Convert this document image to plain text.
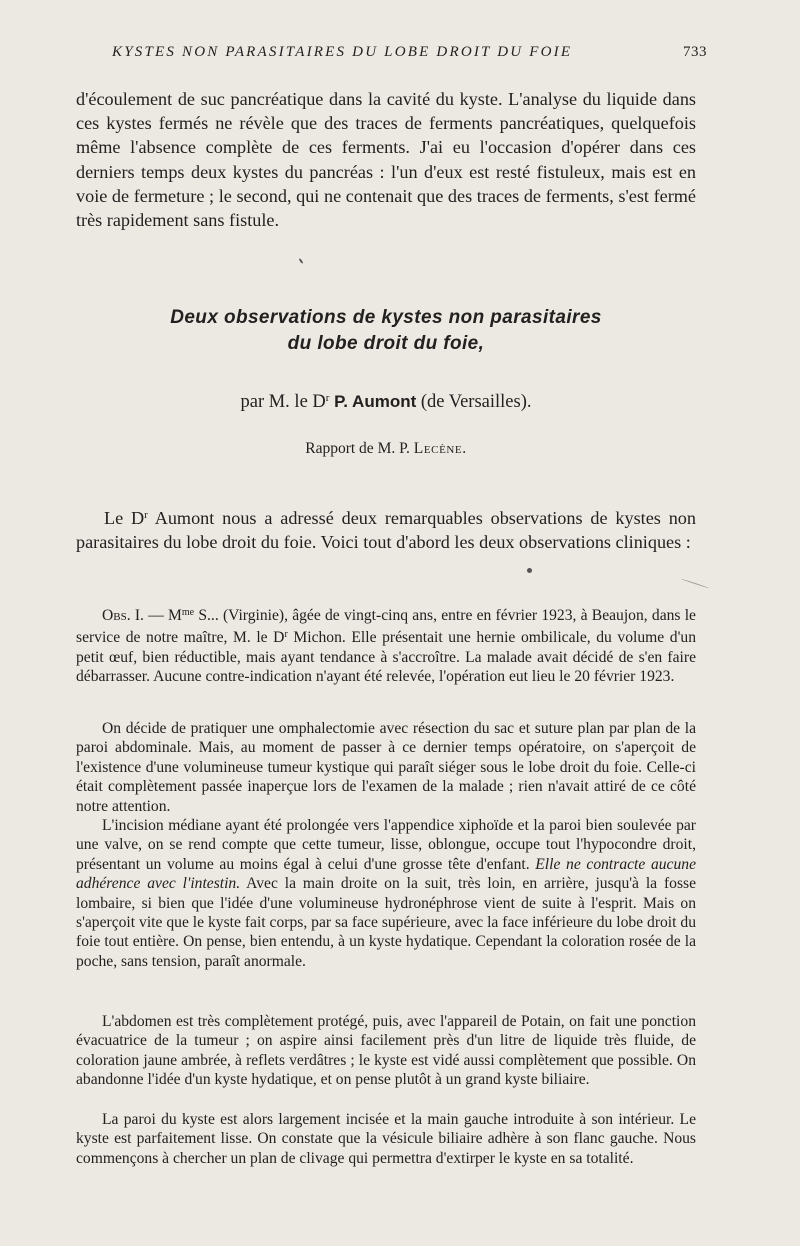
KYSTES NON PARASITAIRES DU LOBE DROIT DU FOIE	733

d'écoulement de suc pancréatique dans la cavité du kyste. L'analyse du liquide dans ces kystes fermés ne révèle que des traces de ferments pancréatiques, quelquefois même l'absence complète de ces ferments. J'ai eu l'occasion d'opérer dans ces derniers temps deux kystes du pancréas : l'un d'eux est resté fistuleux, mais est en voie de fermeture ; le second, qui ne contenait que des traces de ferments, s'est fermé très rapidement sans fistule.

Deux observations de kystes non parasitaires
du lobe droit du foie,

par M. le $D^r$ P. Aumont (de Versailles).

Rapport de M. P. Lecène.

Le $D^r$ Aumont nous a adressé deux remarquables observations de kystes non parasitaires du lobe droit du foie. Voici tout d'abord les deux observations cliniques :

Obs. I. — $M^{me}$ S... (Virginie), âgée de vingt-cinq ans, entre en février 1923, à Beaujon, dans le service de notre maître, M. le $D^r$ Michon. Elle présentait une hernie ombilicale, du volume d'un petit œuf, bien réductible, mais ayant tendance à s'accroître. La malade avait décidé de s'en faire débarrasser. Aucune contre-indication n'ayant été relevée, l'opération eut lieu le 20 février 1923.

On décide de pratiquer une omphalectomie avec résection du sac et suture plan par plan de la paroi abdominale. Mais, au moment de passer à ce dernier temps opératoire, on s'aperçoit de l'existence d'une volumineuse tumeur kystique qui paraît siéger sous le lobe droit du foie. Celle-ci était complètement passée inaperçue lors de l'examen de la malade ; rien n'avait attiré de ce côté notre attention.

L'incision médiane ayant été prolongée vers l'appendice xiphoïde et la paroi bien soulevée par une valve, on se rend compte que cette tumeur, lisse, oblongue, occupe tout l'hypocondre droit, présentant un volume au moins égal à celui d'une grosse tête d'enfant. Elle ne contracte aucune adhérence avec l'intestin. Avec la main droite on la suit, très loin, en arrière, jusqu'à la fosse lombaire, si bien que l'idée d'une volumineuse hydronéphrose vient de suite à l'esprit. Mais on s'aperçoit vite que le kyste fait corps, par sa face supérieure, avec la face inférieure du lobe droit du foie tout entière. On pense, bien entendu, à un kyste hydatique. Cependant la coloration rosée de la poche, sans tension, paraît anormale.

L'abdomen est très complètement protégé, puis, avec l'appareil de Potain, on fait une ponction évacuatrice de la tumeur ; on aspire ainsi facilement près d'un litre de liquide très fluide, de coloration jaune ambrée, à reflets verdâtres ; le kyste est vidé aussi complètement que possible. On abandonne l'idée d'un kyste hydatique, et on pense plutôt à un grand kyste biliaire.

La paroi du kyste est alors largement incisée et la main gauche introduite à son intérieur. Le kyste est parfaitement lisse. On constate que la vésicule biliaire adhère à son flanc gauche. Nous commençons à chercher un plan de clivage qui permettra d'extirper le kyste en sa totalité.
